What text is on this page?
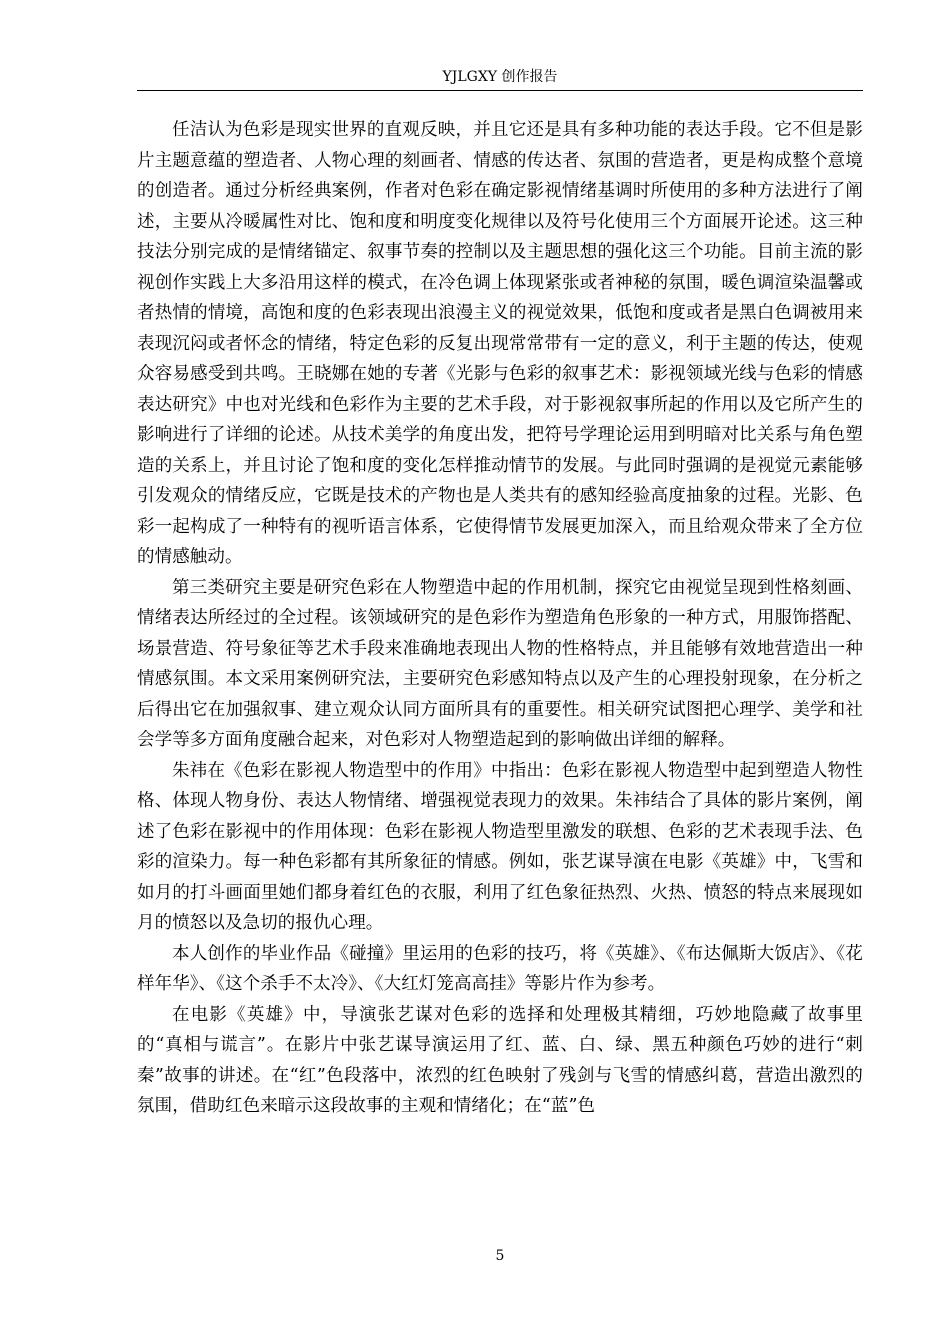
YJLGXY 创作报告

任洁认为色彩是现实世界的直观反映，并且它还是具有多种功能的表达手段。它不但是影片主题意蕴的塑造者、人物心理的刻画者、情感的传达者、氛围的营造者，更是构成整个意境的创造者。通过分析经典案例，作者对色彩在确定影视情绪基调时所使用的多种方法进行了阐述，主要从冷暖属性对比、饱和度和明度变化规律以及符号化使用三个方面展开论述。这三种技法分别完成的是情绪锚定、叙事节奏的控制以及主题思想的强化这三个功能。目前主流的影视创作实践上大多沿用这样的模式，在冷色调上体现紧张或者神秘的氛围，暖色调渲染温馨或者热情的情境，高饱和度的色彩表现出浪漫主义的视觉效果，低饱和度或者是黑白色调被用来表现沉闷或者怀念的情绪，特定色彩的反复出现常常带有一定的意义，利于主题的传达，使观众容易感受到共鸣。王晓娜在她的专著《光影与色彩的叙事艺术：影视领域光线与色彩的情感表达研究》中也对光线和色彩作为主要的艺术手段，对于影视叙事所起的作用以及它所产生的影响进行了详细的论述。从技术美学的角度出发，把符号学理论运用到明暗对比关系与角色塑造的关系上，并且讨论了饱和度的变化怎样推动情节的发展。与此同时强调的是视觉元素能够引发观众的情绪反应，它既是技术的产物也是人类共有的感知经验高度抽象的过程。光影、色彩一起构成了一种特有的视听语言体系，它使得情节发展更加深入，而且给观众带来了全方位的情感触动。

第三类研究主要是研究色彩在人物塑造中起的作用机制，探究它由视觉呈现到性格刻画、情绪表达所经过的全过程。该领域研究的是色彩作为塑造角色形象的一种方式，用服饰搭配、场景营造、符号象征等艺术手段来准确地表现出人物的性格特点，并且能够有效地营造出一种情感氛围。本文采用案例研究法，主要研究色彩感知特点以及产生的心理投射现象，在分析之后得出它在加强叙事、建立观众认同方面所具有的重要性。相关研究试图把心理学、美学和社会学等多方面角度融合起来，对色彩对人物塑造起到的影响做出详细的解释。

朱祎在《色彩在影视人物造型中的作用》中指出：色彩在影视人物造型中起到塑造人物性格、体现人物身份、表达人物情绪、增强视觉表现力的效果。朱祎结合了具体的影片案例，阐述了色彩在影视中的作用体现：色彩在影视人物造型里激发的联想、色彩的艺术表现手法、色彩的渲染力。每一种色彩都有其所象征的情感。例如，张艺谋导演在电影《英雄》中，飞雪和如月的打斗画面里她们都身着红色的衣服，利用了红色象征热烈、火热、愤怒的特点来展现如月的愤怒以及急切的报仇心理。

本人创作的毕业作品《碰撞》里运用的色彩的技巧，将《英雄》、《布达佩斯大饭店》、《花样年华》、《这个杀手不太冷》、《大红灯笼高高挂》等影片作为参考。

在电影《英雄》中，导演张艺谋对色彩的选择和处理极其精细，巧妙地隐藏了故事里的“真相与谎言”。在影片中张艺谋导演运用了红、蓝、白、绿、黑五种颜色巧妙的进行“刺秦”故事的讲述。在“红”色段落中，浓烈的红色映射了残剑与飞雪的情感纠葛，营造出激烈的氛围，借助红色来暗示这段故事的主观和情绪化；在“蓝”色

5
